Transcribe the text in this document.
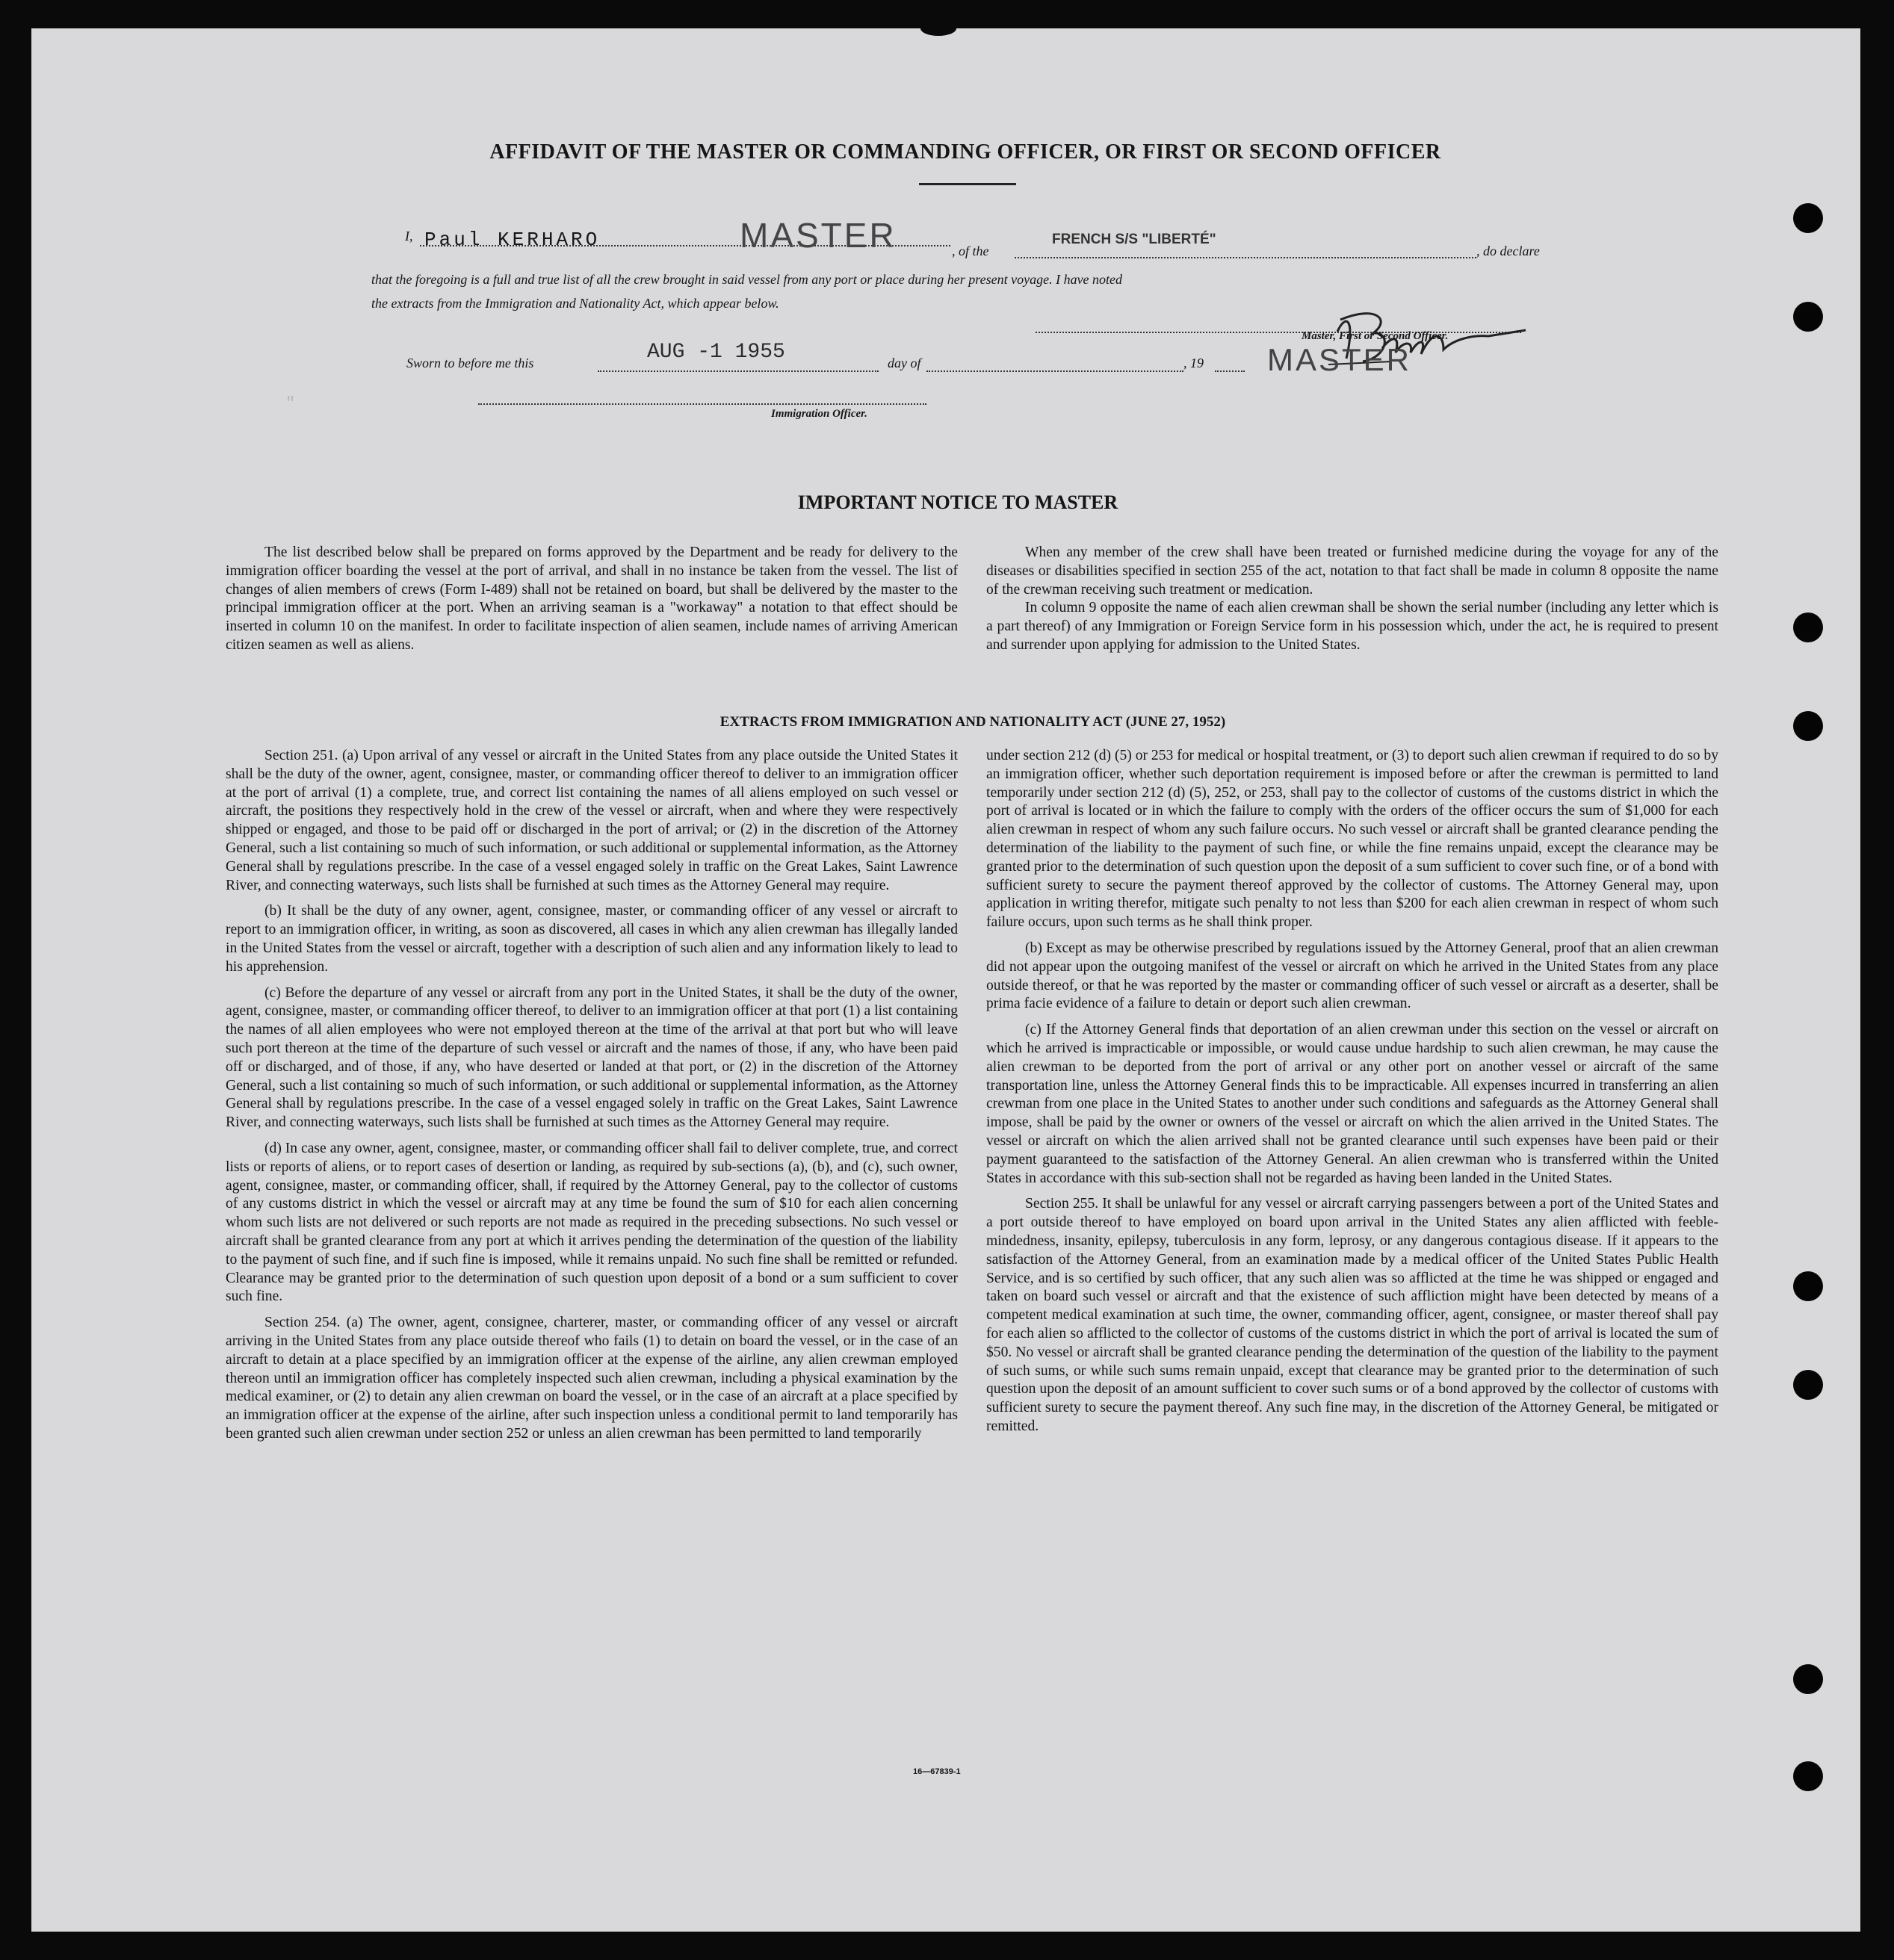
"
AFFIDAVIT OF THE MASTER OR COMMANDING OFFICER, OR FIRST OR SECOND OFFICER
I, Paul KERHARO	MASTER	, of the
FRENCH S/S "LIBERTÉ"
, do declare
that the foregoing is a full and true list of all the crew brought in said vessel from any port or place during her present voyage. I have noted
the extracts from the Immigration and Nationality Act, which appear below.
Master, First or Second Officer.
MASTER
Sworn to before me this	AUG -1 1955	day of	, 19
Immigration Officer.
IMPORTANT NOTICE TO MASTER

The list described below shall be prepared on forms approved by the Department and be ready for delivery to the immigration officer boarding the vessel at the port of arrival, and shall in no instance be taken from the vessel. The list of changes of alien members of crews (Form I-489) shall not be retained on board, but shall be delivered by the master to the principal immigration officer at the port. When an arriving seaman is a "workaway" a notation to that effect should be inserted in column 10 on the manifest. In order to facilitate inspection of alien seamen, include names of arriving American citizen seamen as well as aliens.

When any member of the crew shall have been treated or furnished medicine during the voyage for any of the diseases or disabilities specified in section 255 of the act, notation to that fact shall be made in column 8 opposite the name of the crewman receiving such treatment or medication.

In column 9 opposite the name of each alien crewman shall be shown the serial number (including any letter which is a part thereof) of any Immigration or Foreign Service form in his possession which, under the act, he is required to present and surrender upon applying for admission to the United States.

EXTRACTS FROM IMMIGRATION AND NATIONALITY ACT (JUNE 27, 1952)

Section 251. (a) Upon arrival of any vessel or aircraft in the United States from any place outside the United States it shall be the duty of the owner, agent, consignee, master, or commanding officer thereof to deliver to an immigration officer at the port of arrival (1) a complete, true, and correct list containing the names of all aliens employed on such vessel or aircraft, the positions they respectively hold in the crew of the vessel or aircraft, when and where they were respectively shipped or engaged, and those to be paid off or discharged in the port of arrival; or (2) in the discretion of the Attorney General, such a list containing so much of such information, or such additional or supplemental information, as the Attorney General shall by regulations prescribe. In the case of a vessel engaged solely in traffic on the Great Lakes, Saint Lawrence River, and connecting waterways, such lists shall be furnished at such times as the Attorney General may require.

(b) It shall be the duty of any owner, agent, consignee, master, or commanding officer of any vessel or aircraft to report to an immigration officer, in writing, as soon as discovered, all cases in which any alien crewman has illegally landed in the United States from the vessel or aircraft, together with a description of such alien and any information likely to lead to his apprehension.

(c) Before the departure of any vessel or aircraft from any port in the United States, it shall be the duty of the owner, agent, consignee, master, or commanding officer thereof, to deliver to an immigration officer at that port (1) a list containing the names of all alien employees who were not employed thereon at the time of the arrival at that port but who will leave such port thereon at the time of the departure of such vessel or aircraft and the names of those, if any, who have been paid off or discharged, and of those, if any, who have deserted or landed at that port, or (2) in the discretion of the Attorney General, such a list containing so much of such information, or such additional or supplemental information, as the Attorney General shall by regulations prescribe. In the case of a vessel engaged solely in traffic on the Great Lakes, Saint Lawrence River, and connecting waterways, such lists shall be furnished at such times as the Attorney General may require.

(d) In case any owner, agent, consignee, master, or commanding officer shall fail to deliver complete, true, and correct lists or reports of aliens, or to report cases of desertion or landing, as required by sub-sections (a), (b), and (c), such owner, agent, consignee, master, or commanding officer, shall, if required by the Attorney General, pay to the collector of customs of any customs district in which the vessel or aircraft may at any time be found the sum of $10 for each alien concerning whom such lists are not delivered or such reports are not made as required in the preceding subsections. No such vessel or aircraft shall be granted clearance from any port at which it arrives pending the determination of the question of the liability to the payment of such fine, and if such fine is imposed, while it remains unpaid. No such fine shall be remitted or refunded. Clearance may be granted prior to the determination of such question upon deposit of a bond or a sum sufficient to cover such fine.

Section 254. (a) The owner, agent, consignee, charterer, master, or commanding officer of any vessel or aircraft arriving in the United States from any place outside thereof who fails (1) to detain on board the vessel, or in the case of an aircraft to detain at a place specified by an immigration officer at the expense of the airline, any alien crewman employed thereon until an immigration officer has completely inspected such alien crewman, including a physical examination by the medical examiner, or (2) to detain any alien crewman on board the vessel, or in the case of an aircraft at a place specified by an immigration officer at the expense of the airline, after such inspection unless a conditional permit to land temporarily has been granted such alien crewman under section 252 or unless an alien crewman has been permitted to land temporarily

under section 212 (d) (5) or 253 for medical or hospital treatment, or (3) to deport such alien crewman if required to do so by an immigration officer, whether such deportation requirement is imposed before or after the crewman is permitted to land temporarily under section 212 (d) (5), 252, or 253, shall pay to the collector of customs of the customs district in which the port of arrival is located or in which the failure to comply with the orders of the officer occurs the sum of $1,000 for each alien crewman in respect of whom any such failure occurs. No such vessel or aircraft shall be granted clearance pending the determination of the liability to the payment of such fine, or while the fine remains unpaid, except the clearance may be granted prior to the determination of such question upon the deposit of a sum sufficient to cover such fine, or of a bond with sufficient surety to secure the payment thereof approved by the collector of customs. The Attorney General may, upon application in writing therefor, mitigate such penalty to not less than $200 for each alien crewman in respect of whom such failure occurs, upon such terms as he shall think proper.

(b) Except as may be otherwise prescribed by regulations issued by the Attorney General, proof that an alien crewman did not appear upon the outgoing manifest of the vessel or aircraft on which he arrived in the United States from any place outside thereof, or that he was reported by the master or commanding officer of such vessel or aircraft as a deserter, shall be prima facie evidence of a failure to detain or deport such alien crewman.

(c) If the Attorney General finds that deportation of an alien crewman under this section on the vessel or aircraft on which he arrived is impracticable or impossible, or would cause undue hardship to such alien crewman, he may cause the alien crewman to be deported from the port of arrival or any other port on another vessel or aircraft of the same transportation line, unless the Attorney General finds this to be impracticable. All expenses incurred in transferring an alien crewman from one place in the United States to another under such conditions and safeguards as the Attorney General shall impose, shall be paid by the owner or owners of the vessel or aircraft on which the alien arrived in the United States. The vessel or aircraft on which the alien arrived shall not be granted clearance until such expenses have been paid or their payment guaranteed to the satisfaction of the Attorney General. An alien crewman who is transferred within the United States in accordance with this sub-section shall not be regarded as having been landed in the United States.

Section 255. It shall be unlawful for any vessel or aircraft carrying passengers between a port of the United States and a port outside thereof to have employed on board upon arrival in the United States any alien afflicted with feeble-mindedness, insanity, epilepsy, tuberculosis in any form, leprosy, or any dangerous contagious disease. If it appears to the satisfaction of the Attorney General, from an examination made by a medical officer of the United States Public Health Service, and is so certified by such officer, that any such alien was so afflicted at the time he was shipped or engaged and taken on board such vessel or aircraft and that the existence of such affliction might have been detected by means of a competent medical examination at such time, the owner, commanding officer, agent, consignee, or master thereof shall pay for each alien so afflicted to the collector of customs of the customs district in which the port of arrival is located the sum of $50. No vessel or aircraft shall be granted clearance pending the determination of the question of the liability to the payment of such sums, or while such sums remain unpaid, except that clearance may be granted prior to the determination of such question upon the deposit of an amount sufficient to cover such sums or of a bond approved by the collector of customs with sufficient surety to secure the payment thereof. Any such fine may, in the discretion of the Attorney General, be mitigated or remitted.

16—67839-1
